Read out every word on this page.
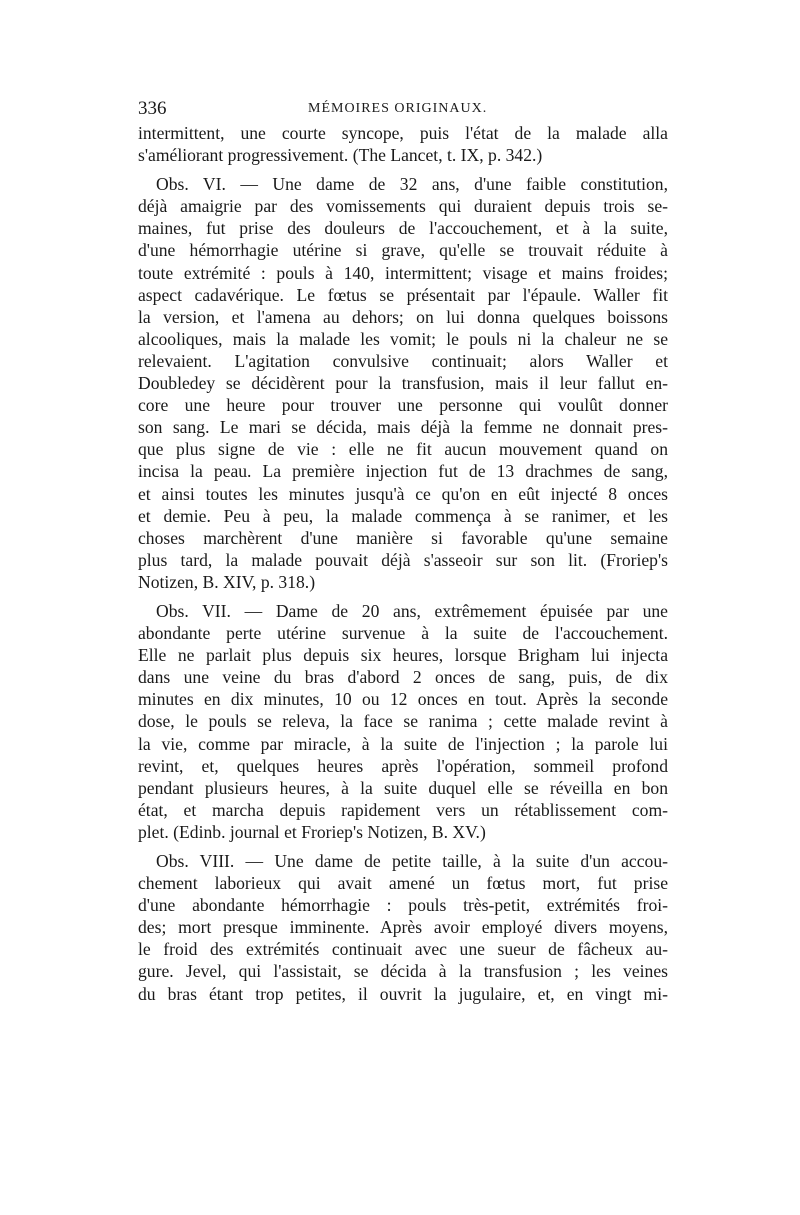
336	MÉMOIRES ORIGINAUX.
intermittent, une courte syncope, puis l'état de la malade alla
s'améliorant progressivement. (The Lancet, t. IX, p. 342.)
Obs. VI. — Une dame de 32 ans, d'une faible constitution,
déjà amaigrie par des vomissements qui duraient depuis trois se-
maines, fut prise des douleurs de l'accouchement, et à la suite,
d'une hémorrhagie utérine si grave, qu'elle se trouvait réduite à
toute extrémité : pouls à 140, intermittent; visage et mains froides;
aspect cadavérique. Le fœtus se présentait par l'épaule. Waller fit
la version, et l'amena au dehors; on lui donna quelques boissons
alcooliques, mais la malade les vomit; le pouls ni la chaleur ne se
relevaient. L'agitation convulsive continuait; alors Waller et
Doubledey se décidèrent pour la transfusion, mais il leur fallut en-
core une heure pour trouver une personne qui voulût donner
son sang. Le mari se décida, mais déjà la femme ne donnait pres-
que plus signe de vie : elle ne fit aucun mouvement quand on
incisa la peau. La première injection fut de 13 drachmes de sang,
et ainsi toutes les minutes jusqu'à ce qu'on en eût injecté 8 onces
et demie. Peu à peu, la malade commença à se ranimer, et les
choses marchèrent d'une manière si favorable qu'une semaine
plus tard, la malade pouvait déjà s'asseoir sur son lit. (Froriep's
Notizen, B. XIV, p. 318.)
Obs. VII. — Dame de 20 ans, extrêmement épuisée par une
abondante perte utérine survenue à la suite de l'accouchement.
Elle ne parlait plus depuis six heures, lorsque Brigham lui injecta
dans une veine du bras d'abord 2 onces de sang, puis, de dix
minutes en dix minutes, 10 ou 12 onces en tout. Après la seconde
dose, le pouls se releva, la face se ranima ; cette malade revint à
la vie, comme par miracle, à la suite de l'injection ; la parole lui
revint, et, quelques heures après l'opération, sommeil profond
pendant plusieurs heures, à la suite duquel elle se réveilla en bon
état, et marcha depuis rapidement vers un rétablissement com-
plet. (Edinb. journal et Froriep's Notizen, B. XV.)
Obs. VIII. — Une dame de petite taille, à la suite d'un accou-
chement laborieux qui avait amené un fœtus mort, fut prise
d'une abondante hémorrhagie : pouls très-petit, extrémités froi-
des; mort presque imminente. Après avoir employé divers moyens,
le froid des extrémités continuait avec une sueur de fâcheux au-
gure. Jevel, qui l'assistait, se décida à la transfusion ; les veines
du bras étant trop petites, il ouvrit la jugulaire, et, en vingt mi-
